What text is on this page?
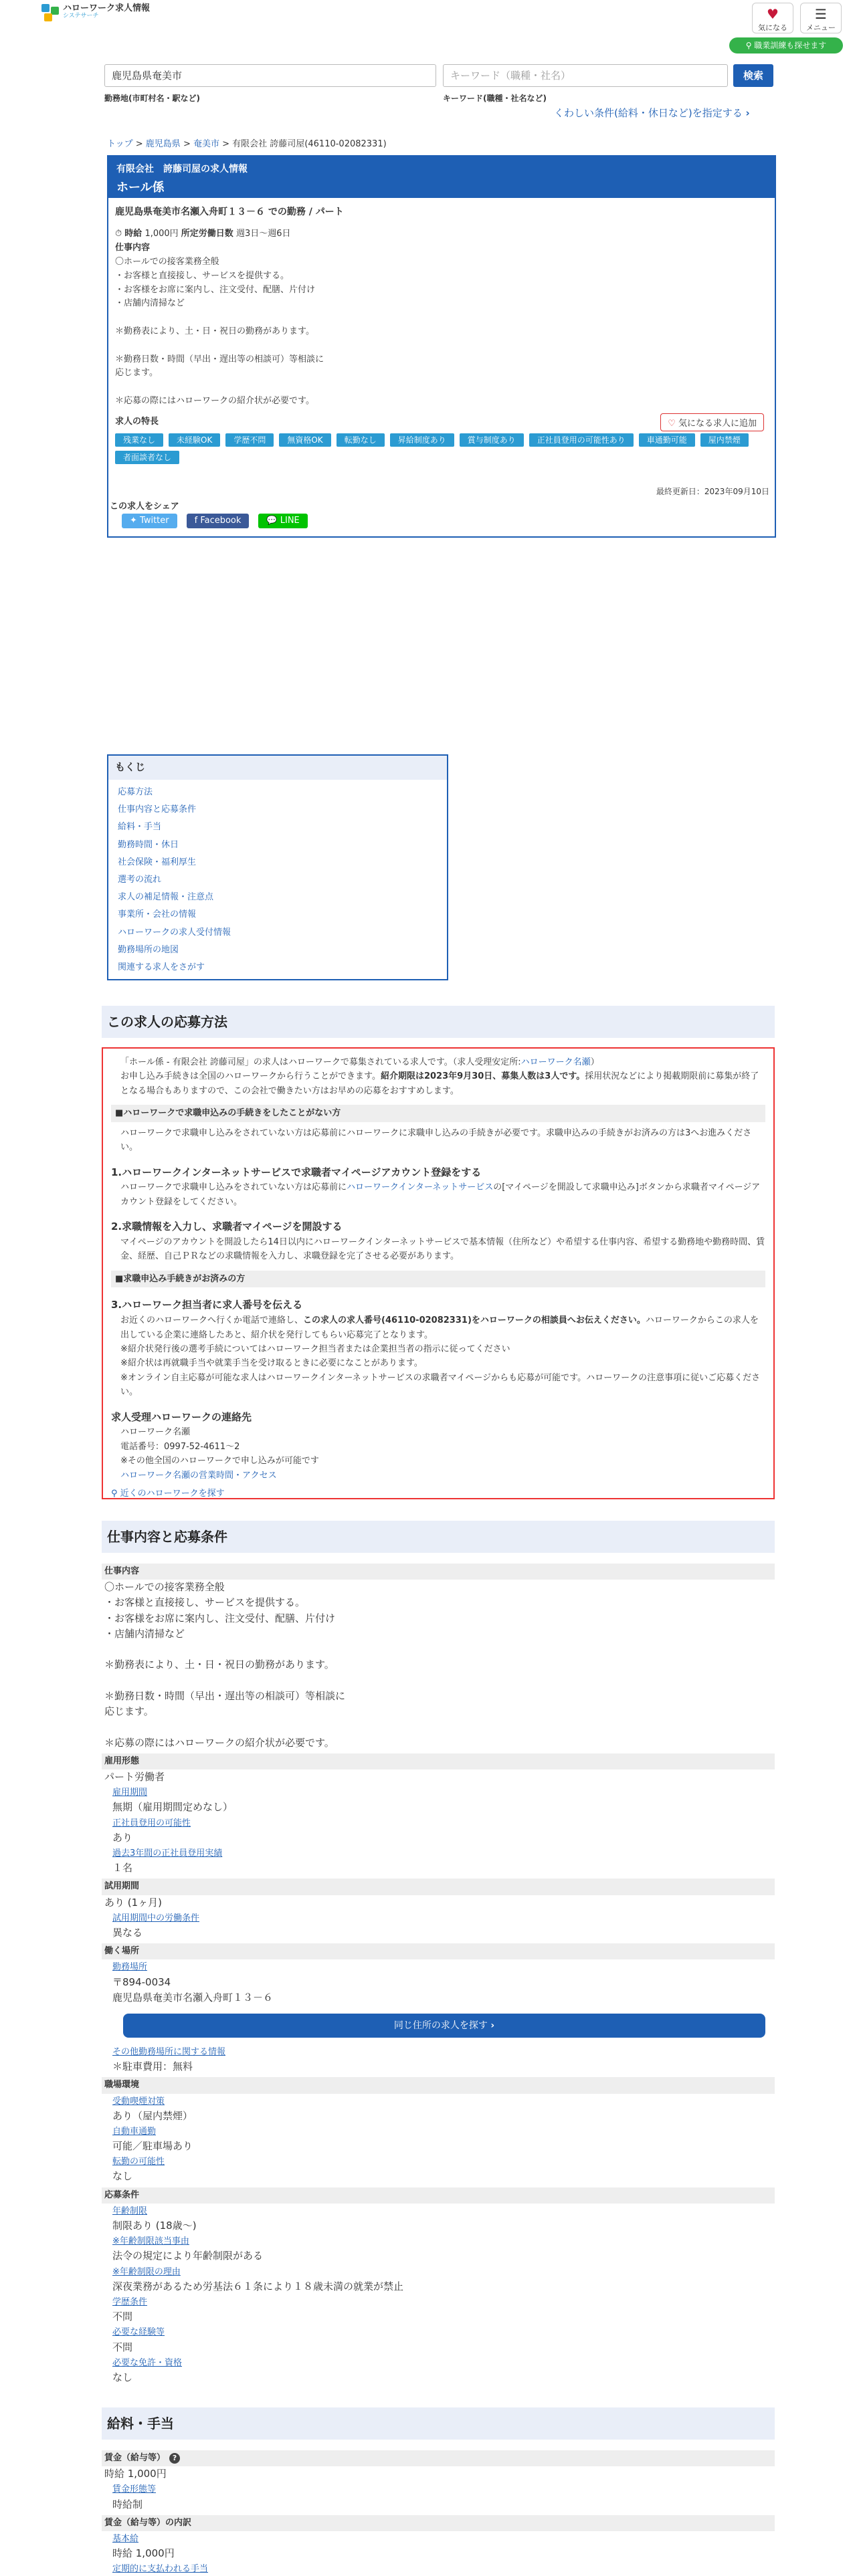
ハローワーク求人情報
システサーチ	♥
気になる
☰
メニュー
⚲ 職業訓練も探せます
鹿児島県奄美市	キーワード（職種・社名）	検索
勤務地(市町村名・駅など)	キーワード(職種・社名など)
くわしい条件(給料・休日など)を指定する ›
トップ > 鹿児島県 > 奄美市 > 有限会社 誇藤司屋(46110-02082331)
有限会社　誇藤司屋の求人情報
ホール係
鹿児島県奄美市名瀬入舟町１３－６ での勤務 / パート
⏱ 時給 1,000円 所定労働日数 週3日～週6日
仕事内容
〇ホールでの接客業務全般
・お客様と直接接し、サービスを提供する。
・お客様をお席に案内し、注文受付、配膳、片付け
・店舗内清掃など

＊勤務表により、土・日・祝日の勤務があります。

＊勤務日数・時間（早出・遅出等の相談可）等相談に
応じます。

＊応募の際にはハローワークの紹介状が必要です。
求人の特長
残業なし	未経験OK	学歴不問	無資格OK	転勤なし	昇給制度あり	賞与制度あり	正社員登用の可能性あり	車通勤可能	屋内禁煙
者面談者なし
♡ 気になる求人に追加
最終更新日：2023年09月10日
この求人をシェア
✦ Twitter	f Facebook	💬 LINE
もくじ
応募方法
仕事内容と応募条件
給料・手当
勤務時間・休日
社会保険・福利厚生
選考の流れ
求人の補足情報・注意点
事業所・会社の情報
ハローワークの求人受付情報
勤務場所の地図
関連する求人をさがす
この求人の応募方法
「ホール係 - 有限会社 誇藤司屋」の求人はハローワークで募集されている求人です。（求人受理安定所:ハローワーク名瀬）
お申し込み手続きは全国のハローワークから行うことができます。紹介期限は2023年9月30日、募集人数は3人です。採用状況などにより掲載期限前に募集が終了となる場合もありますので、この会社で働きたい方はお早めの応募をおすすめします。
■ハローワークで求職申込みの手続きをしたことがない方
ハローワークで求職申し込みをされていない方は応募前にハローワークに求職申し込みの手続きが必要です。求職申込みの手続きがお済みの方は3へお進みください。
1.ハローワークインターネットサービスで求職者マイページアカウント登録をする
ハローワークで求職申し込みをされていない方は応募前にハローワークインターネットサービスの[マイページを開設して求職申込み]ボタンから求職者マイページアカウント登録をしてください。
2.求職情報を入力し、求職者マイページを開設する
マイページのアカウントを開設したら14日以内にハローワークインターネットサービスで基本情報（住所など）や希望する仕事内容、希望する勤務地や勤務時間、賃金、経歴、自己ＰＲなどの求職情報を入力し、求職登録を完了させる必要があります。
■求職申込み手続きがお済みの方
3.ハローワーク担当者に求人番号を伝える
お近くのハローワークへ行くか電話で連絡し、この求人の求人番号(46110-02082331)をハローワークの相談員へお伝えください。ハローワークからこの求人を出している企業に連絡したあと、紹介状を発行してもらい応募完了となります。
※紹介状発行後の選考手続についてはハローワーク担当者または企業担当者の指示に従ってください
※紹介状は再就職手当や就業手当を受け取るときに必要になことがあります。
※オンライン自主応募が可能な求人はハローワークインターネットサービスの求職者マイページからも応募が可能です。ハローワークの注意事項に従いご応募ください。
求人受理ハローワークの連絡先
ハローワーク名瀬
電話番号：0997-52-4611〜2
※その他全国のハローワークで申し込みが可能です
ハローワーク名瀬の営業時間・アクセス
⚲ 近くのハローワークを探す
仕事内容と応募条件
仕事内容
〇ホールでの接客業務全般
・お客様と直接接し、サービスを提供する。
・お客様をお席に案内し、注文受付、配膳、片付け
・店舗内清掃など

＊勤務表により、土・日・祝日の勤務があります。

＊勤務日数・時間（早出・遅出等の相談可）等相談に
応じます。

＊応募の際にはハローワークの紹介状が必要です。
雇用形態
パート労働者
雇用期間
無期（雇用期間定めなし）
正社員登用の可能性
あり
過去3年間の正社員登用実績
１名
試用期間
あり (1ヶ月)
試用期間中の労働条件
異なる
働く場所
勤務場所
〒894-0034
鹿児島県奄美市名瀬入舟町１３－６
同じ住所の求人を探す ›
その他勤務場所に関する情報
＊駐車費用：無料
職場環境
受動喫煙対策
あり（屋内禁煙）
自動車通勤
可能／駐車場あり
転勤の可能性
なし
応募条件
年齢制限
制限あり (18歳〜)
※年齢制限該当事由
法令の規定により年齢制限がある
※年齢制限の理由
深夜業務があるため労基法６１条により１８歳未満の就業が禁止
学歴条件
不問
必要な経験等
不問
必要な免許・資格
なし
給料・手当
賃金（給与等） ?
時給 1,000円
賃金形態等
時給制
賃金（給与等）の内訳
基本給
時給 1,000円
定期的に支払われる手当
